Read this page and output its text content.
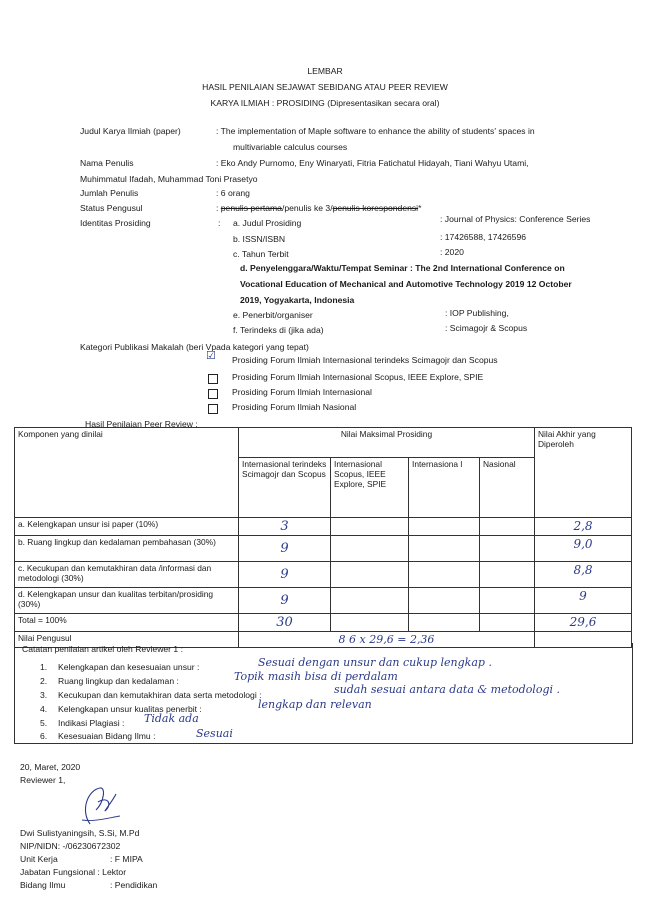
LEMBAR
HASIL PENILAIAN SEJAWAT SEBIDANG ATAU PEER REVIEW
KARYA ILMIAH : PROSIDING (Dipresentasikan secara oral)
Judul Karya Ilmiah (paper)	: The implementation of Maple software to enhance the ability of students' spaces in
multivariable calculus courses
Nama Penulis	: Eko Andy Purnomo, Eny Winaryati, Fitria Fatichatul Hidayah, Tiani Wahyu Utami,
Muhimmatul Ifadah, Muhammad Toni Prasetyo
Jumlah Penulis	: 6 orang
Status Pengusul	: penulis pertama/penulis ke 3/penulis korespondensi*
Identitas Prosiding	: a. Judul Prosiding	: Journal of Physics: Conference Series
b. ISSN/ISBN	: 17426588, 17426596
c. Tahun Terbit	: 2020
d. Penyelenggara/Waktu/Tempat Seminar : The 2nd International Conference on
Vocational Education of Mechanical and Automotive Technology 2019 12 October
2019, Yogyakarta, Indonesia
e. Penerbit/organiser	: IOP Publishing,
f. Terindeks di (jika ada)	: Scimagojr & Scopus
Kategori Publikasi Makalah (beri Vpada kategori yang tepat)
☑ Prosiding Forum Ilmiah Internasional terindeks Scimagojr dan Scopus
Prosiding Forum Ilmiah Internasional Scopus, IEEE Explore, SPIE
Prosiding Forum Ilmiah Internasional
Prosiding Forum Ilmiah Nasional
Hasil Penilaian Peer Review :
Komponen yang dinilai	Nilai Maksimal Prosiding				Nilai Akhir yang Diperoleh
	Internasional terindeks Scimagojr dan Scopus	Internasional Scopus, IEEE Explore, SPIE	Internasiona l	Nasional	
a. Kelengkapan unsur isi paper (10%)	3				2,8
b. Ruang lingkup dan kedalaman pembahasan (30%)	9				9,0
c. Kecukupan dan kemutakhiran data /informasi dan metodologi (30%)	9				8,8
d. Kelengkapan unsur dan kualitas terbitan/prosiding (30%)	9				9
Total = 100%	30				29,6
Nilai Pengusul	8 6 x 29,6 = 2,36				
Catatan penilaian artikel oleh Reviewer 1 :
1. Kelengkapan dan kesesuaian unsur :	Sesuai dengan unsur dan cukup lengkap .
2. Ruang lingkup dan kedalaman :	Topik masih bisa di perdalam
3. Kecukupan dan kemutakhiran data serta metodologi :	sudah sesuai antara data & metodologi .
4. Kelengkapan unsur kualitas penerbit :	lengkap dan relevan
5. Indikasi Plagiasi : Tidak ada
6. Kesesuaian Bidang Ilmu :	Sesuai
20, Maret, 2020
Reviewer 1,
Dwi Sulistyaningsih, S.Si, M.Pd
NIP/NIDN: -/06230672302
Unit Kerja	: F MIPA
Jabatan Fungsional : Lektor
Bidang Ilmu	: Pendidikan
